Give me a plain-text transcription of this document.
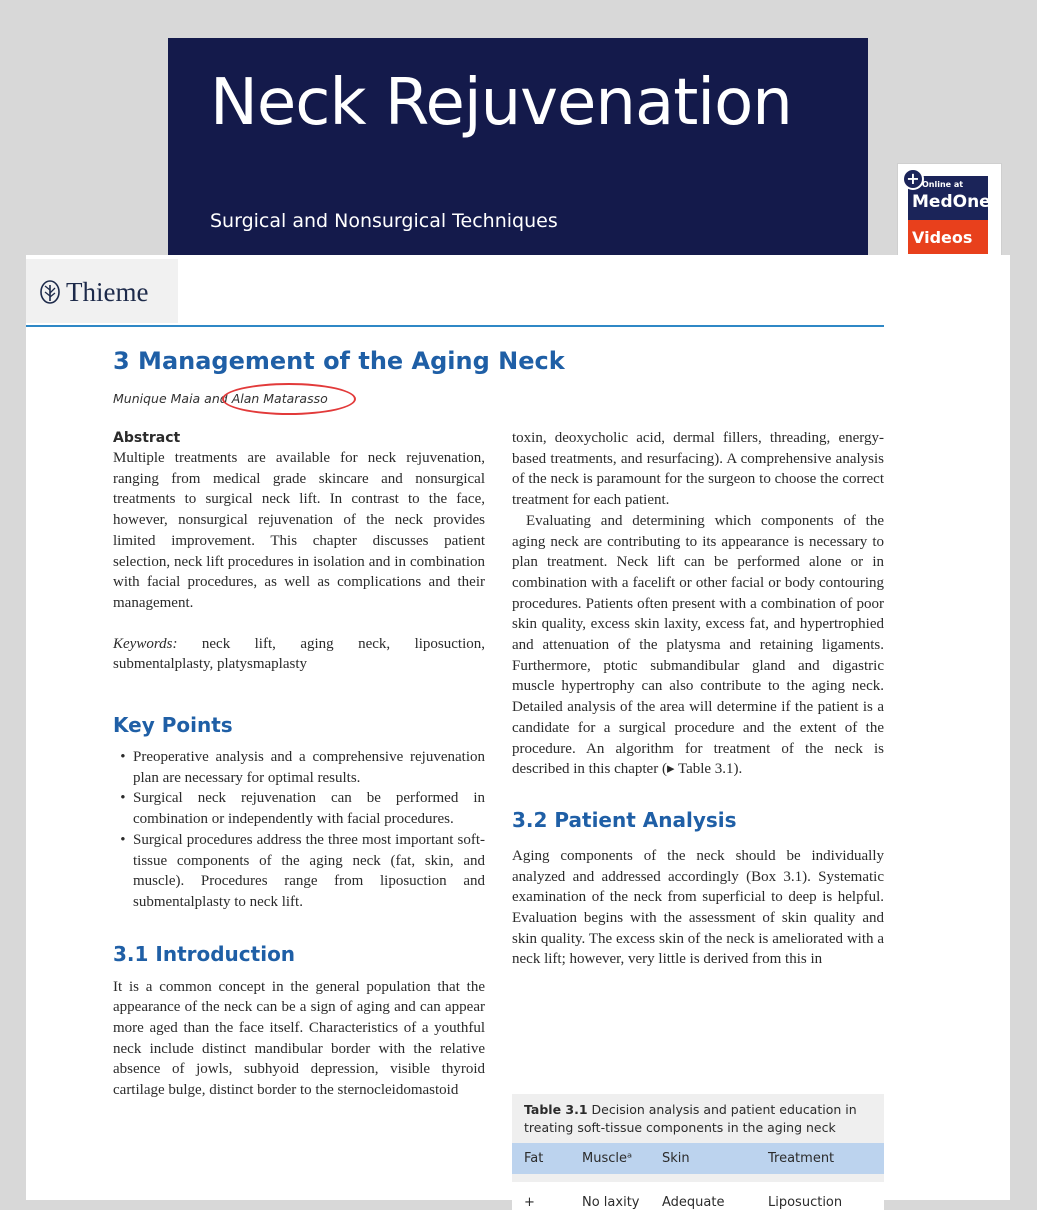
Neck Rejuvenation
Surgical and Nonsurgical Techniques
+ Online at
MedOne
Videos
Thieme
3 Management of the Aging Neck
Munique Maia and Alan Matarasso
Abstract

Multiple treatments are available for neck rejuvenation, ranging from medical grade skincare and nonsurgical treatments to surgical neck lift. In contrast to the face, however, nonsurgical rejuvenation of the neck provides limited improvement. This chapter discusses patient selection, neck lift procedures in isolation and in combination with facial procedures, as well as complications and their management.

Keywords: neck lift, aging neck, liposuction, submentalplasty, platysmaplasty

Key Points
• Preoperative analysis and a comprehensive rejuvenation plan are necessary for optimal results.
• Surgical neck rejuvenation can be performed in combination or independently with facial procedures.
• Surgical procedures address the three most important soft-tissue components of the aging neck (fat, skin, and muscle). Procedures range from liposuction and submentalplasty to neck lift.
3.1 Introduction

It is a common concept in the general population that the appearance of the neck can be a sign of aging and can appear more aged than the face itself. Characteristics of a youthful neck include distinct mandibular border with the relative absence of jowls, subhyoid depression, visible thyroid cartilage bulge, distinct border to the sternocleidomastoid

toxin, deoxycholic acid, dermal fillers, threading, energy-based treatments, and resurfacing). A comprehensive analysis of the neck is paramount for the surgeon to choose the correct treatment for each patient.

Evaluating and determining which components of the aging neck are contributing to its appearance is necessary to plan treatment. Neck lift can be performed alone or in combination with a facelift or other facial or body contouring procedures. Patients often present with a combination of poor skin quality, excess skin laxity, excess fat, and hypertrophied and attenuation of the platysma and retaining ligaments. Furthermore, ptotic submandibular gland and digastric muscle hypertrophy can also contribute to the aging neck. Detailed analysis of the area will determine if the patient is a candidate for a surgical procedure and the extent of the procedure. An algorithm for treatment of the neck is described in this chapter (▸ Table 3.1).

3.2 Patient Analysis

Aging components of the neck should be individually analyzed and addressed accordingly (Box 3.1). Systematic examination of the neck from superficial to deep is helpful. Evaluation begins with the assessment of skin quality and skin quality. The excess skin of the neck is ameliorated with a neck lift; however, very little is derived from this in

Table 3.1 Decision analysis and patient education in treating soft-tissue components in the aging neck
Fat	Muscleᵃ	Skin	Treatment
+	No laxity	Adequate	Liposuction
